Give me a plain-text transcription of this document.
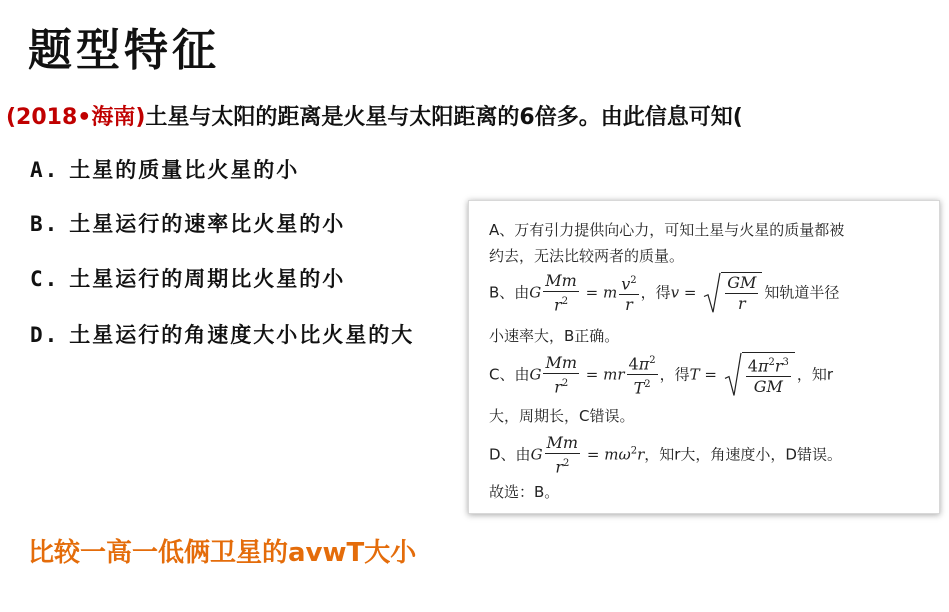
题型特征
(2018•海南)土星与太阳的距离是火星与太阳距离的6倍多。由此信息可知(
A. 土星的质量比火星的小
B. 土星运行的速率比火星的小
C. 土星运行的周期比火星的小
D. 土星运行的角速度大小比火星的大
A、万有引力提供向心力，可知土星与火星的质量都被
约去，无法比较两者的质量。
B、由G $\frac{Mm}{r^2} = m \frac{v^2}{r}$ ，得$v = \frac{GM}{r}$ 知轨道半径
小速率大，B正确。
C、由G $\frac{Mm}{r^2}$ = mr $\frac{4\pi^2}{T^2}$ ，得$T = \frac{4\pi^2r^3}{GM}$ ，知r
大，周期长，C错误。
D、由G $\frac{Mm}{r^2} = m\omega^2r$，知r大，角速度小，D错误。
故选：B。
比较一高一低俩卫星的avwT大小
